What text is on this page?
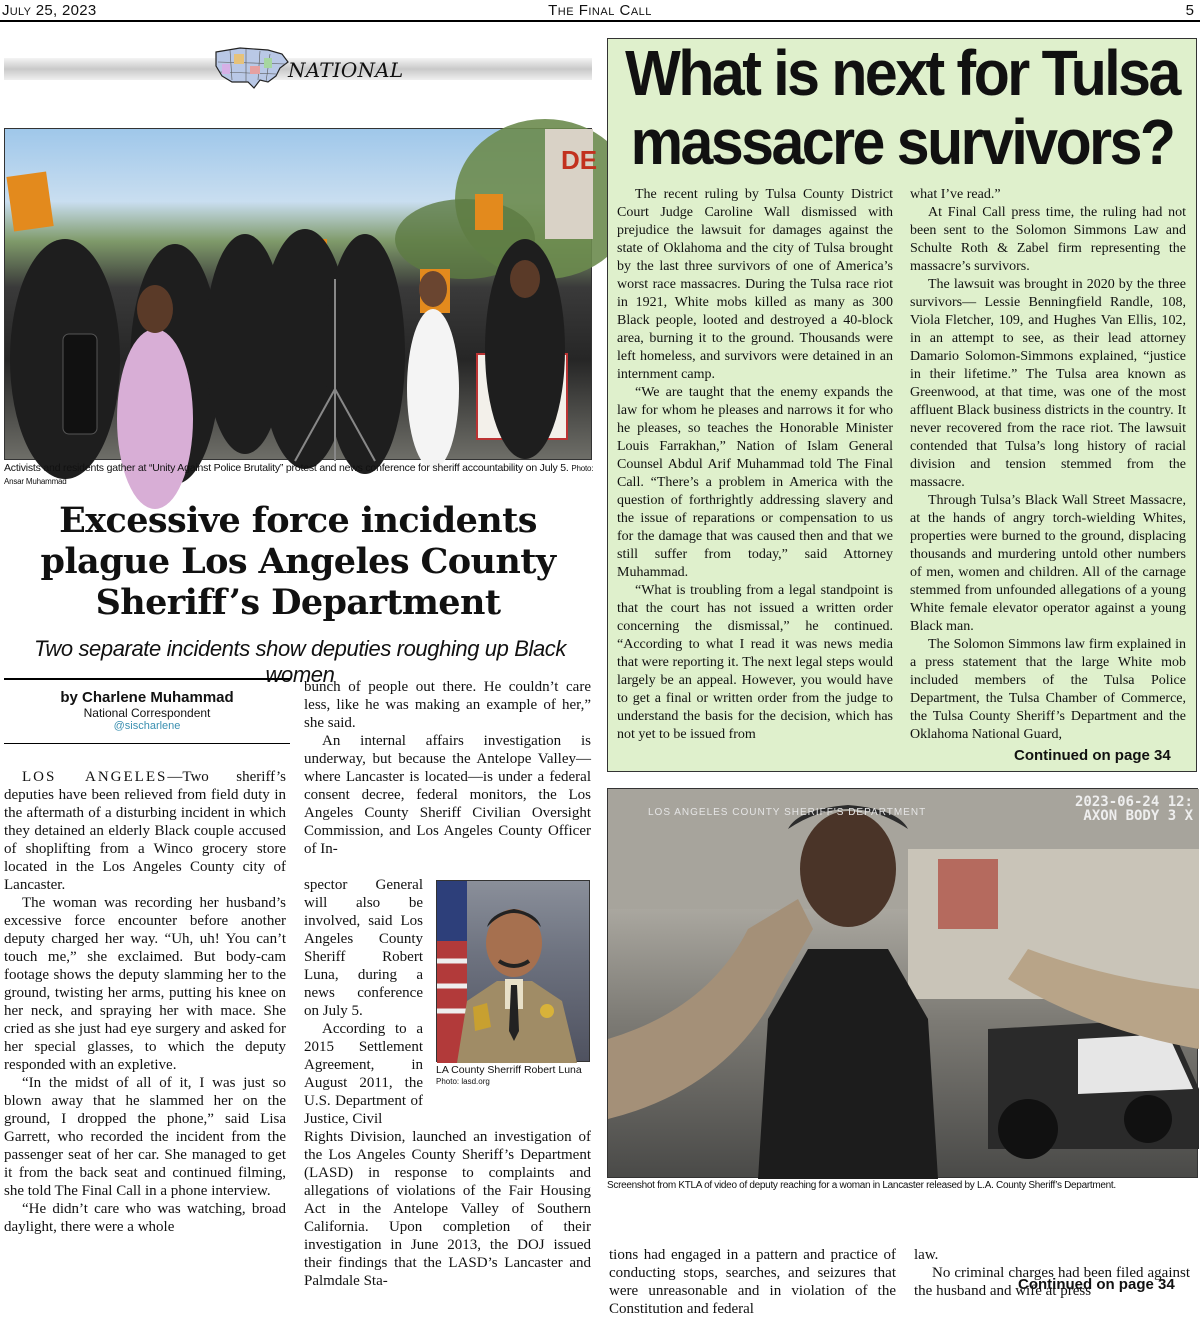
The Final Call
July 25, 2023	5
NATIONAL
DE
Activists and residents gather at “Unity Against Police Brutality” protest and news conference for sheriff accountability on July 5. Photo: Ansar Muhammad
Excessive force incidents plague Los Angeles County Sheriff’s Department
Two separate incidents show deputies roughing up Black women
by Charlene Muhammad
National Correspondent
@sischarlene

LOS ANGELES—Two sheriff’s deputies have been relieved from field duty in the aftermath of a disturbing incident in which they detained an elderly Black couple accused of shoplifting from a Winco grocery store located in the Los Angeles County city of Lancaster.

The woman was recording her husband’s excessive force encounter before another deputy charged her way. “Uh, uh! You can’t touch me,” she exclaimed. But body-cam footage shows the deputy slamming her to the ground, twisting her arms, putting his knee on her neck, and spraying her with mace. She cried as she just had eye surgery and asked for her special glasses, to which the deputy responded with an expletive.

“In the midst of all of it, I was just so blown away that he slammed her on the ground, I dropped the phone,” said Lisa Garrett, who recorded the incident from the passenger seat of her car. She managed to get it from the back seat and continued filming, she told The Final Call in a phone interview.

“He didn’t care who was watching, broad daylight, there were a whole

bunch of people out there. He couldn’t care less, like he was making an example of her,” she said.

An internal affairs investigation is underway, but because the Antelope Valley—where Lancaster is located—is under a federal consent decree, federal monitors, the Los Angeles County Sheriff Civilian Oversight Commission, and Los Angeles County Officer of In-

spector General will also be involved, said Los Angeles County Sheriff Robert Luna, during a news conference on July 5.

According to a 2015 Settlement Agreement, in August 2011, the U.S. Department of Justice, Civil

Rights Division, launched an investigation of the Los Angeles County Sheriff’s Department (LASD) in response to complaints and allegations of violations of the Fair Housing Act in the Antelope Valley of Southern California. Upon completion of their investigation in June 2013, the DOJ issued their findings that the LASD’s Lancaster and Palmdale Sta-

LA County Sherriff Robert Luna
Photo: lasd.org
What is next for Tulsa massacre survivors?

The recent ruling by Tulsa County District Court Judge Caroline Wall dismissed with prejudice the lawsuit for damages against the state of Oklahoma and the city of Tulsa brought by the last three survivors of one of America’s worst race massacres. During the Tulsa race riot in 1921, White mobs killed as many as 300 Black people, looted and destroyed a 40-block area, burning it to the ground. Thousands were left homeless, and survivors were detained in an internment camp.

“We are taught that the enemy expands the law for whom he pleases and narrows it for who he pleases, so teaches the Honorable Minister Louis Farrakhan,” Nation of Islam General Counsel Abdul Arif Muhammad told The Final Call. “There’s a problem in America with the question of forthrightly addressing slavery and the issue of reparations or compensation to us for the damage that was caused then and that we still suffer from today,” said Attorney Muhammad.

“What is troubling from a legal standpoint is that the court has not issued a written order concerning the dismissal,” he continued. “According to what I read it was news media that were reporting it. The next legal steps would largely be an appeal. However, you would have to get a final or written order from the judge to understand the basis for the decision, which has not yet to be issued from

what I’ve read.”

At Final Call press time, the ruling had not been sent to the Solomon Simmons Law and Schulte Roth & Zabel firm representing the massacre’s survivors.

The lawsuit was brought in 2020 by the three survivors— Lessie Benningfield Randle, 108, Viola Fletcher, 109, and Hughes Van Ellis, 102, in an attempt to see, as their lead attorney Damario Solomon-Simmons explained, “justice in their lifetime.” The Tulsa area known as Greenwood, at that time, was one of the most affluent Black business districts in the country. It never recovered from the race riot. The lawsuit contended that Tulsa’s long history of racial division and tension stemmed from the massacre.

Through Tulsa’s Black Wall Street Massacre, at the hands of angry torch-wielding Whites, properties were burned to the ground, displacing thousands and murdering untold other numbers of men, women and children. All of the carnage stemmed from unfounded allegations of a young White female elevator operator against a young Black man.

The Solomon Simmons law firm explained in a press statement that the large White mob included members of the Tulsa Police Department, the Tulsa Chamber of Commerce, the Tulsa County Sheriff’s Department and the Oklahoma National Guard,

Continued on page 34
2023-06-24 12:
AXON BODY 3 X
LOS ANGELES COUNTY SHERIFF'S DEPARTMENT
Screenshot from KTLA of video of deputy reaching for a woman in Lancaster released by L.A. County Sheriff’s Department.

tions had engaged in a pattern and practice of conducting stops, searches, and seizures that were unreasonable and in violation of the Constitution and federal

law.

No criminal charges had been filed against the husband and wife at press

Continued on page 34
